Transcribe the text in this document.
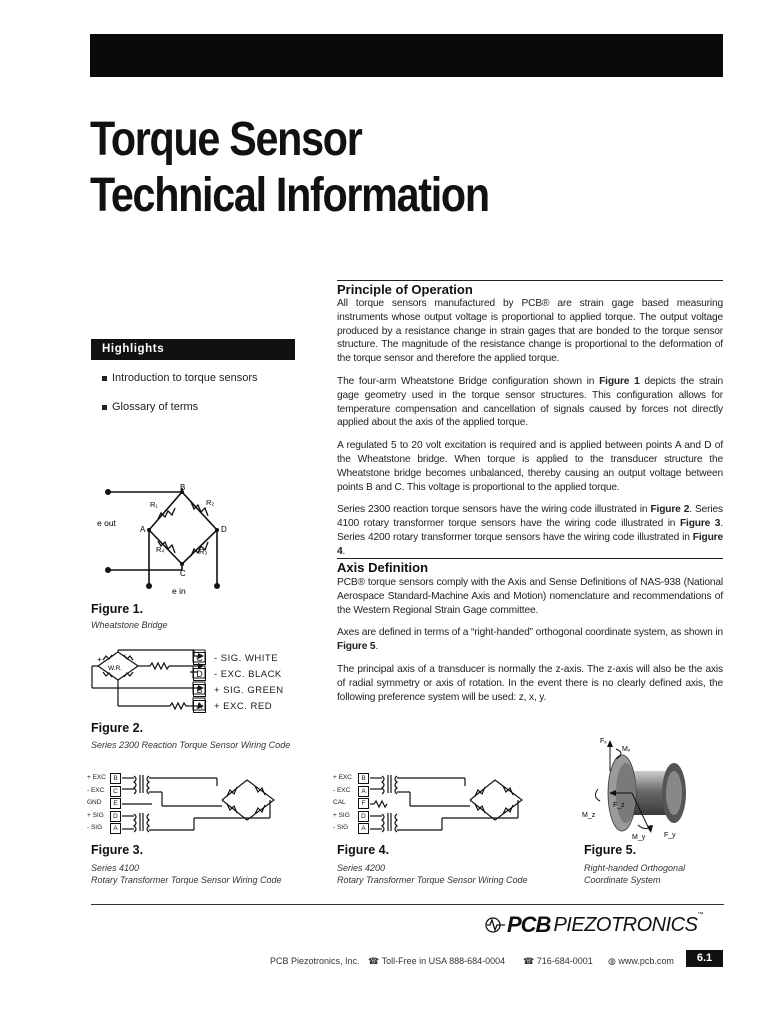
Torque Sensor
Technical Information
Highlights
Introduction to torque sensors
Glossary of terms
Principle of Operation

All torque sensors manufactured by PCB® are strain gage based measuring instruments whose output voltage is proportional to applied torque. The output voltage produced by a resistance change in strain gages that are bonded to the torque sensor structure. The magnitude of the resistance change is proportional to the deformation of the torque sensor and therefore the applied torque.

The four-arm Wheatstone Bridge configuration shown in Figure 1 depicts the strain gage geometry used in the torque sensor structures. This configuration allows for temperature compensation and cancellation of signals caused by forces not directly applied about the axis of the applied torque.

A regulated 5 to 20 volt excitation is required and is applied between points A and D of the Wheatstone bridge. When torque is applied to the transducer structure the Wheatstone bridge becomes unbalanced, thereby causing an output voltage between points B and C. This voltage is proportional to the applied torque.

Series 2300 reaction torque sensors have the wiring code illustrated in Figure 2. Series 4100 rotary transformer torque sensors have the wiring code illustrated in Figure 3. Series 4200 rotary transformer torque sensors have the wiring code illustrated in Figure 4.

Axis Definition

PCB® torque sensors comply with the Axis and Sense Definitions of NAS-938 (National Aerospace Standard-Machine Axis and Motion) nomenclature and recommendations of the Western Regional Strain Gage committee.

Axes are defined in terms of a “right-handed” orthogonal coordinate system, as shown in Figure 5.

The principal axis of a transducer is normally the z-axis. The z-axis will also be the axis of radial symmetry or axis of rotation. In the event there is no clearly defined axis, the following preference system will be used: z, x, y.

B
A
C
D
R₁	R₂
R₃
R₄
e out
e in
Figure 1.
Wheatstone Bridge
+
W.R.
C	- SIG. WHITE
D	- EXC. BLACK
B	+ SIG. GREEN
A	+ EXC. RED
Figure 2.
Series 2300 Reaction Torque Sensor Wiring Code
+ EXC
- EXC
GND
+ SIG
- SIG
B
C
E
D
A
Figure 3.
Series 4100
Rotary Transformer Torque Sensor Wiring Code
+ EXC
- EXC
CAL
+ SIG
- SIG
B
A
F
D
A
Figure 4.
Series 4200
Rotary Transformer Torque Sensor Wiring Code
Fₓ
Mₓ
F_z
M_z
M_y	F_y
Figure 5.
Right-handed Orthogonal
Coordinate System
PCB PIEZOTRONICS ™
PCB Piezotronics, Inc. ☎ Toll-Free in USA 888-684-0004 ☎ 716-684-0001 ◍ www.pcb.com	6.1
